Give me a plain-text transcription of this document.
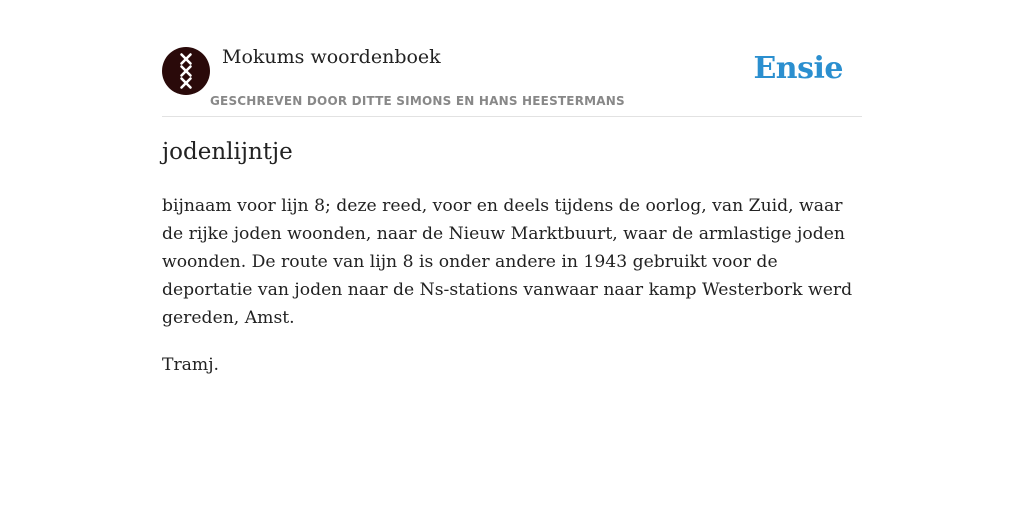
Mokums woordenboek
GESCHREVEN DOOR DITTE SIMONS EN HANS HEESTERMANS
Ensie
jodenlijntje

bijnaam voor lijn 8; deze reed, voor en deels tijdens de oorlog, van Zuid, waar de rijke joden woonden, naar de Nieuw Marktbuurt, waar de armlastige joden woonden. De route van lijn 8 is onder andere in 1943 gebruikt voor de deportatie van joden naar de Ns-stations vanwaar naar kamp Westerbork werd gereden, Amst.

Tramj.
